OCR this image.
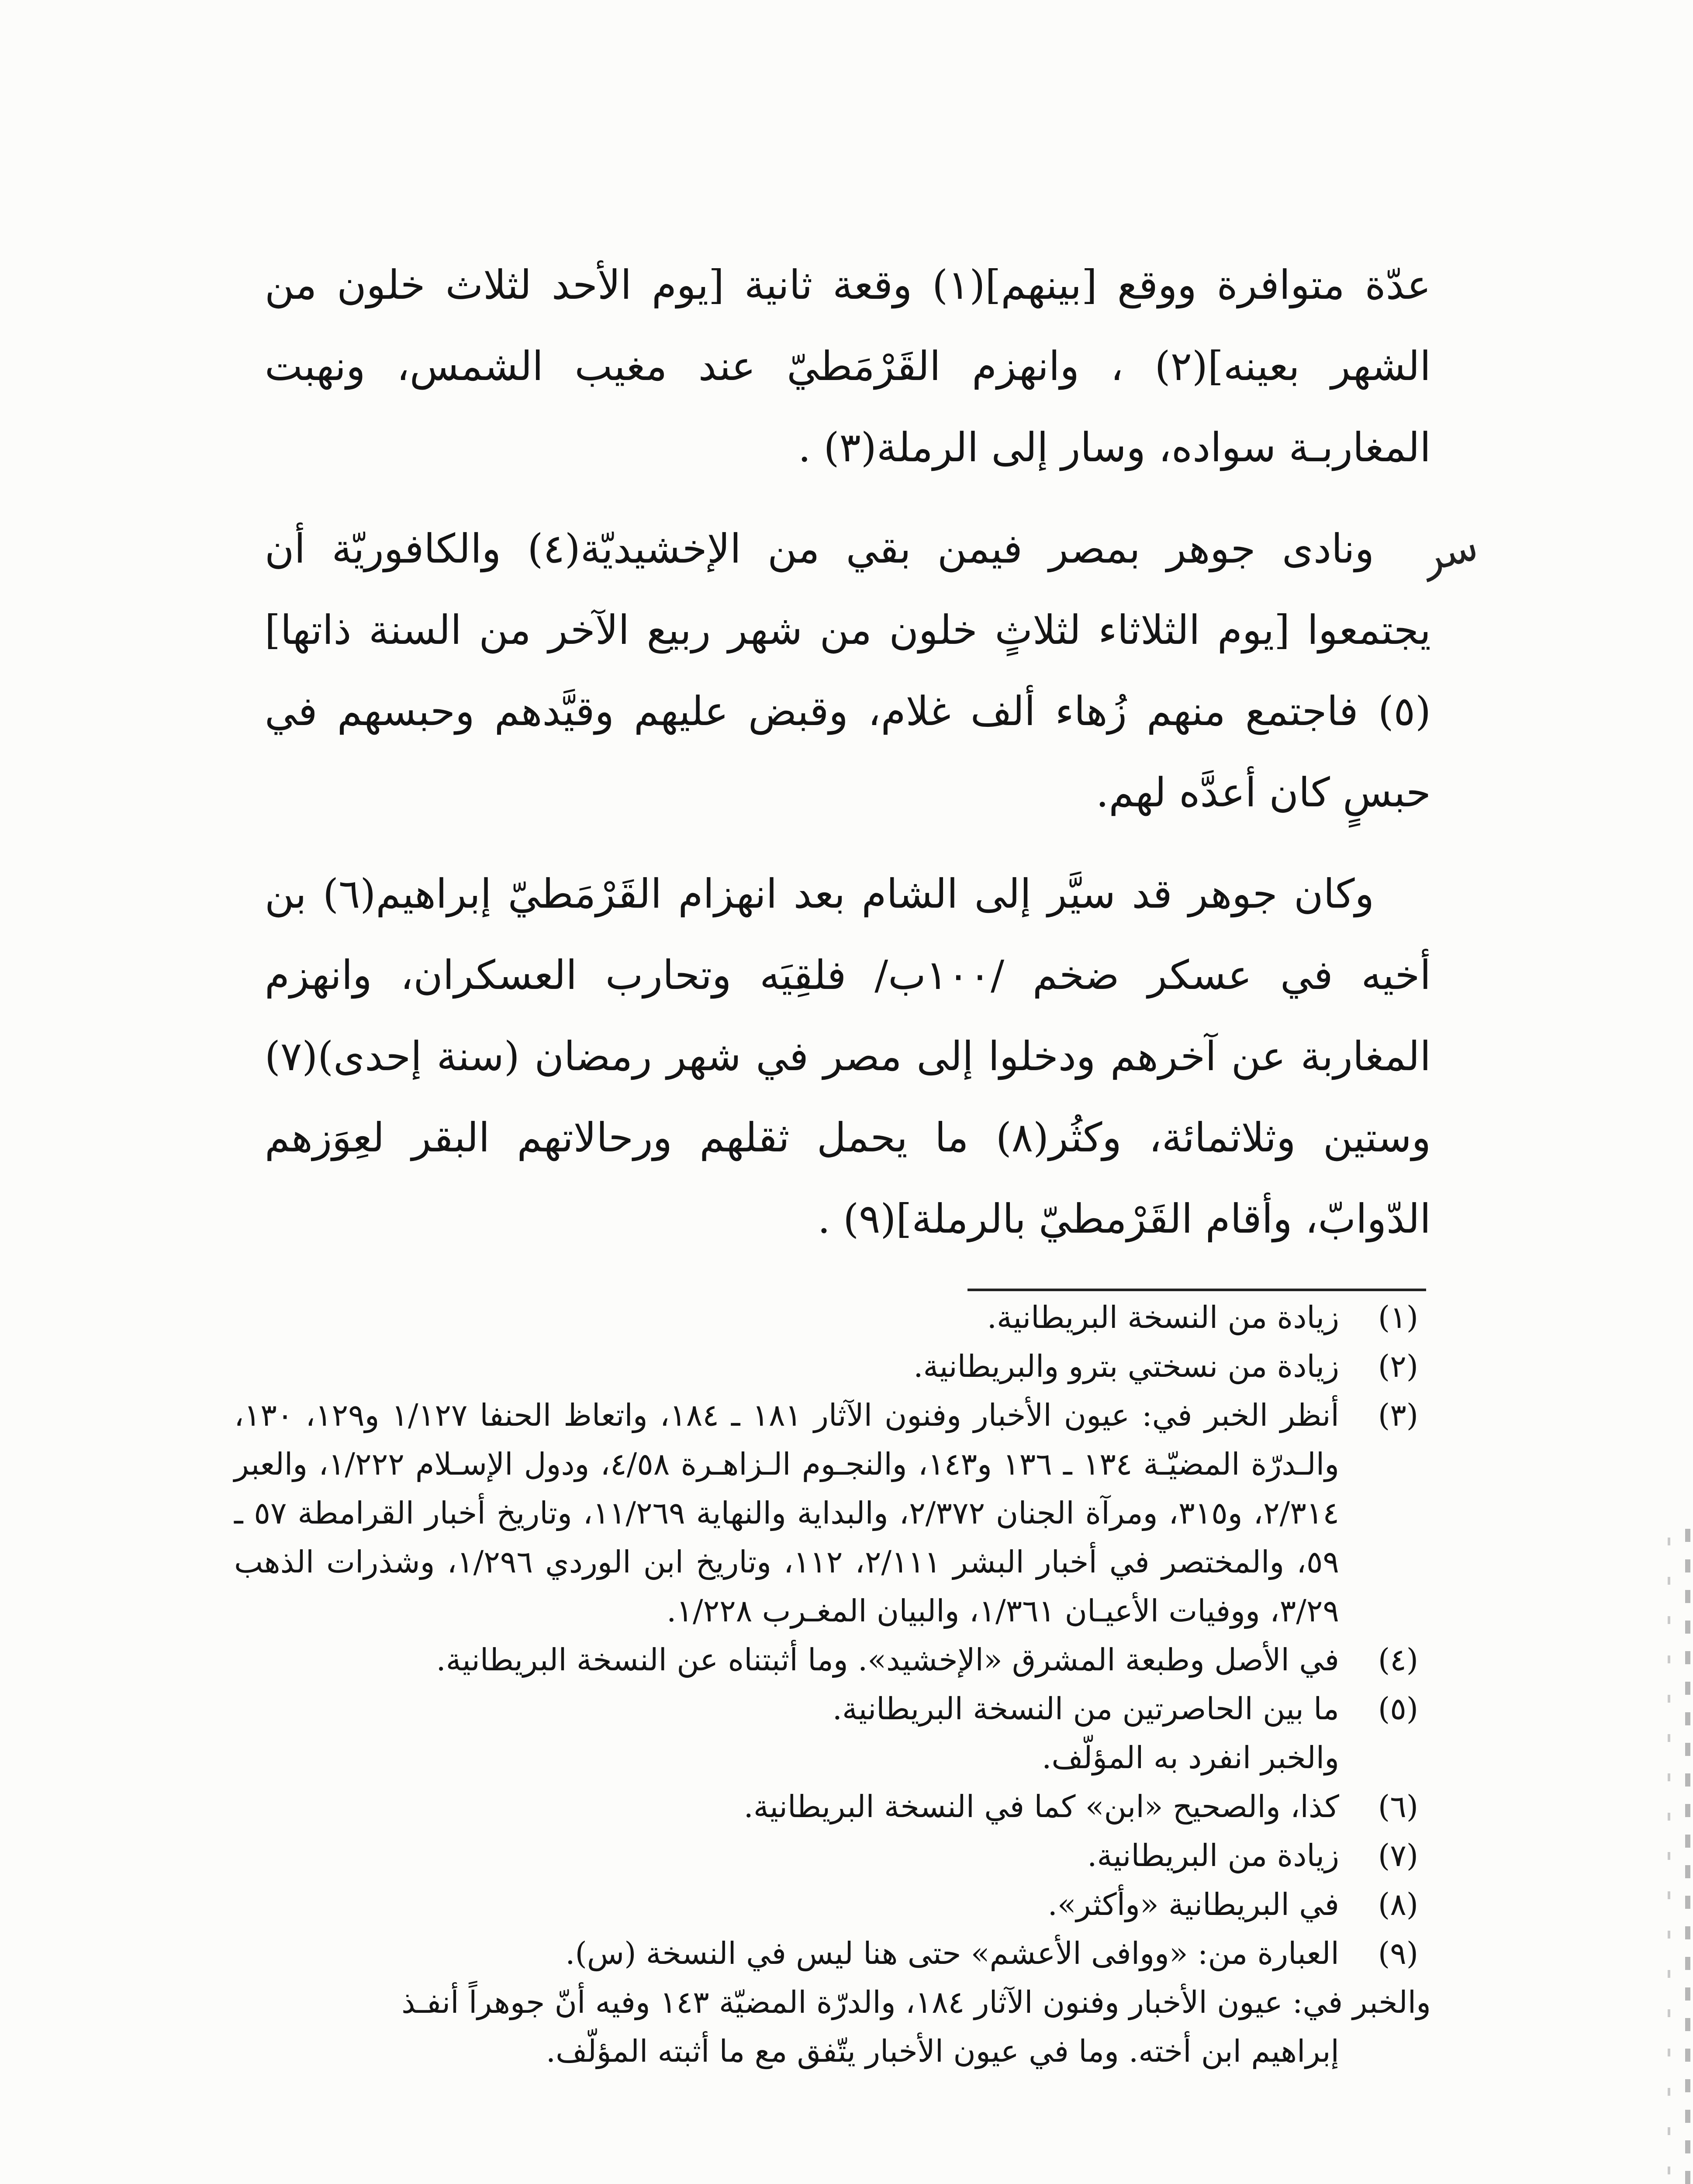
عدّة متوافرة ووقع [بينهم](١) وقعة ثانية [يوم الأحد لثلاث خلون من الشهر بعينه](٢) ، وانهزم القَرْمَطيّ عند مغيب الشمس، ونهبت المغاربـة سواده، وسار إلى الرملة(٣) .

ونادى جوهر بمصر فيمن بقي من الإخشيديّة(٤) والكافوريّة أن يجتمعوا [يوم الثلاثاء لثلاثٍ خلون من شهر ربيع الآخر من السنة ذاتها](٥) فاجتمع منهم زُهاء ألف غلام، وقبض عليهم وقيَّدهم وحبسهم في حبسٍ كان أعدَّه لهم.

وكان جوهر قد سيَّر إلى الشام بعد انهزام القَرْمَطيّ إبراهيم(٦) بن أخيه في عسكر ضخم /١٠٠ب/ فلقِيَه وتحارب العسكران، وانهزم المغاربة عن آخرهم ودخلوا إلى مصر في شهر رمضان (سنة إحدى)(٧) وستين وثلاثمائة، وكثُر(٨) ما يحمل ثقلهم ورحالاتهم البقر لعِوَزهم الدّوابّ، وأقام القَرْمطيّ بالرملة](٩) .

سر
(١)
زيادة من النسخة البريطانية.
(٢)
زيادة من نسختي بترو والبريطانية.
(٣)
أنظر الخبر في: عيون الأخبار وفنون الآثار ١٨١ ـ ١٨٤، واتعاظ الحنفا ١/١٢٧ و١٢٩، ١٣٠، والـدرّة المضيّـة ١٣٤ ـ ١٣٦ و١٤٣، والنجـوم الـزاهـرة ٤/٥٨، ودول الإسـلام ١/٢٢٢، والعبر ٢/٣١٤، و٣١٥، ومرآة الجنان ٢/٣٧٢، والبداية والنهاية ١١/٢٦٩، وتاريخ أخبار القرامطة ٥٧ ـ ٥٩، والمختصر في أخبار البشر ٢/١١١، ١١٢، وتاريخ ابن الوردي ١/٢٩٦، وشذرات الذهب ٣/٢٩، ووفيات الأعيـان ١/٣٦١، والبيان المغـرب ١/٢٢٨.
(٤)
في الأصل وطبعة المشرق «الإخشيد». وما أثبتناه عن النسخة البريطانية.
(٥)
ما بين الحاصرتين من النسخة البريطانية.

والخبر انفرد به المؤلّف.

(٦)
كذا، والصحيح «ابن» كما في النسخة البريطانية.
(٧)
زيادة من البريطانية.
(٨)
في البريطانية «وأكثر».
(٩)
العبارة من: «ووافى الأعشم» حتى هنا ليس في النسخة (س).

والخبر في: عيون الأخبار وفنون الآثار ١٨٤، والدرّة المضيّة ١٤٣ وفيه أنّ جوهراً أنفـذ

إبراهيم ابن أخته. وما في عيون الأخبار يتّفق مع ما أثبته المؤلّف.
